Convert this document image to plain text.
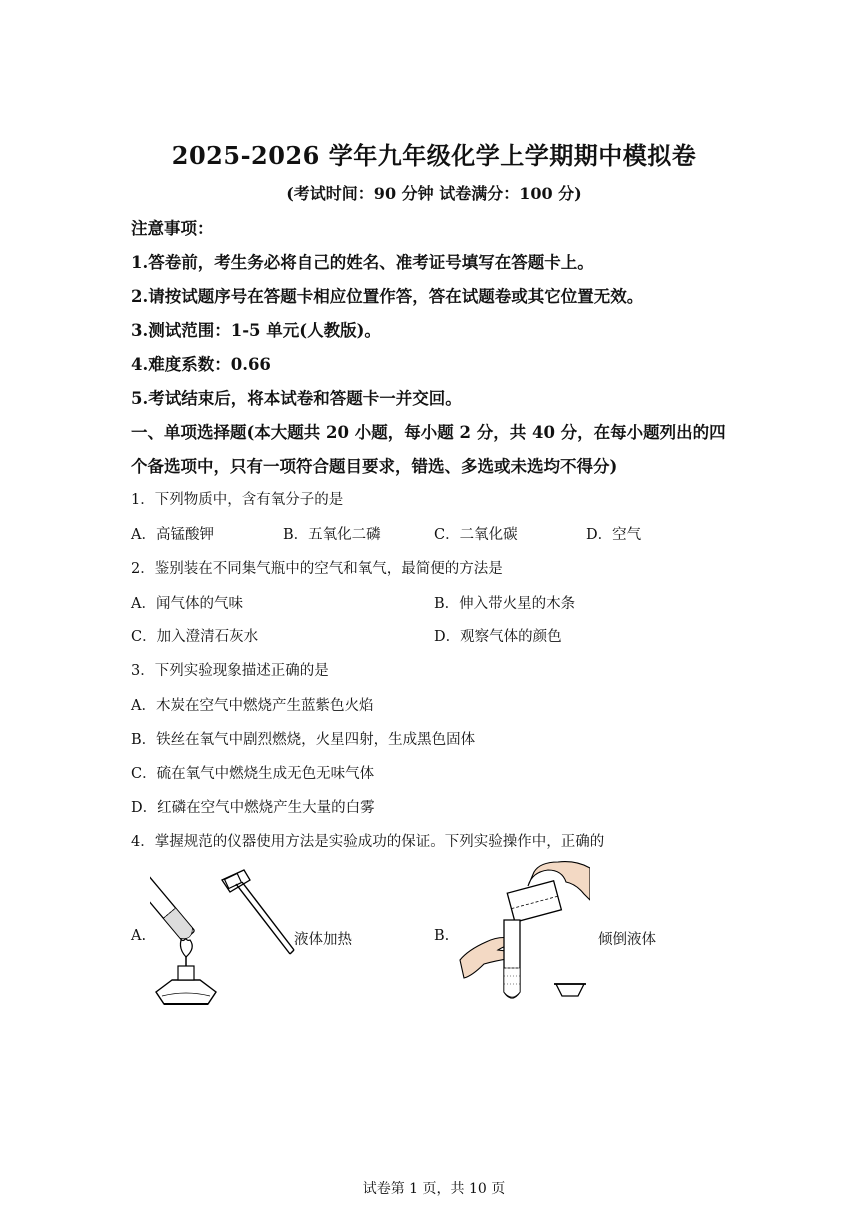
2025-2026 学年九年级化学上学期期中模拟卷
(考试时间：90 分钟 试卷满分：100 分)
注意事项：
1.答卷前，考生务必将自己的姓名、准考证号填写在答题卡上。
2.请按试题序号在答题卡相应位置作答，答在试题卷或其它位置无效。
3.测试范围：1-5 单元(人教版)。
4.难度系数：0.66
5.考试结束后，将本试卷和答题卡一并交回。
一、单项选择题(本大题共 20 小题，每小题 2 分，共 40 分，在每小题列出的四
个备选项中，只有一项符合题目要求，错选、多选或未选均不得分)
1．下列物质中，含有氧分子的是
A．高锰酸钾	B．五氧化二磷	C．二氧化碳	D．空气
2．鉴别装在不同集气瓶中的空气和氧气，最简便的方法是
A．闻气体的气味	B．伸入带火星的木条
C．加入澄清石灰水	D．观察气体的颜色
3．下列实验现象描述正确的是
A．木炭在空气中燃烧产生蓝紫色火焰
B．铁丝在氧气中剧烈燃烧，火星四射，生成黑色固体
C．硫在氧气中燃烧生成无色无味气体
D．红磷在空气中燃烧产生大量的白雾
4．掌握规范的仪器使用方法是实验成功的保证。下列实验操作中，正确的
A.	液体加热	B.	倾倒液体
试卷第 1 页，共 10 页
